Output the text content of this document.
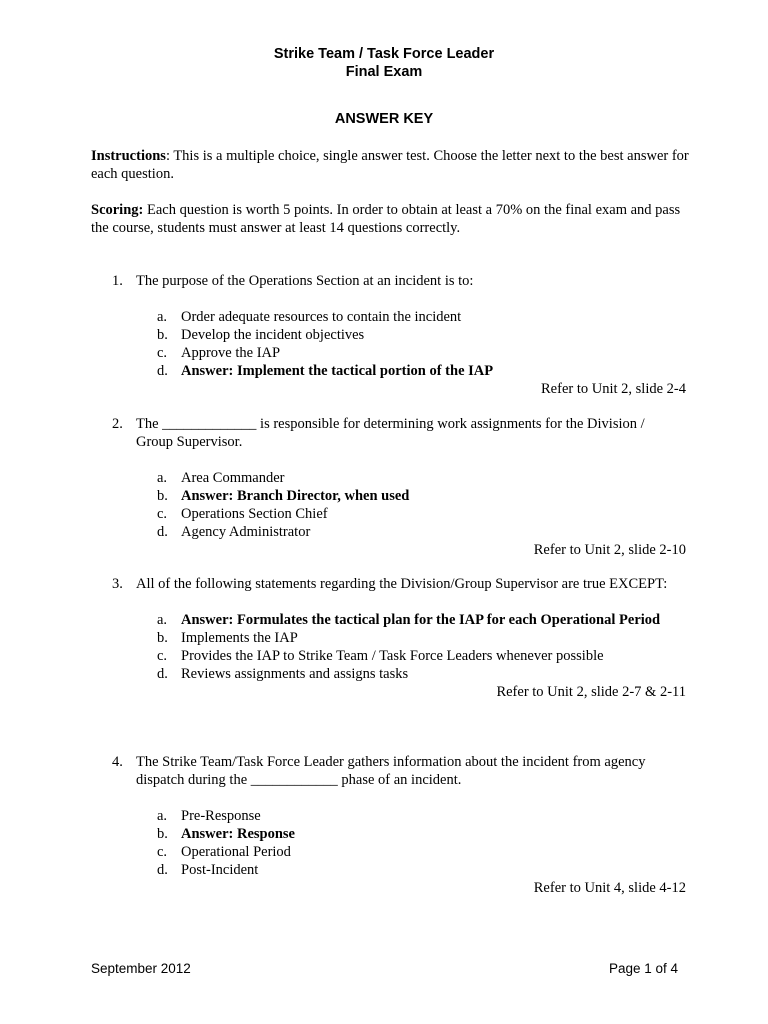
Strike Team / Task Force Leader
Final Exam
ANSWER KEY
Instructions: This is a multiple choice, single answer test. Choose the letter next to the best answer for each question.
Scoring: Each question is worth 5 points. In order to obtain at least a 70% on the final exam and pass the course, students must answer at least 14 questions correctly.
1. The purpose of the Operations Section at an incident is to:
a. Order adequate resources to contain the incident
b. Develop the incident objectives
c. Approve the IAP
d. Answer: Implement the tactical portion of the IAP
Refer to Unit 2, slide 2-4
2. The _____________ is responsible for determining work assignments for the Division / Group Supervisor.
a. Area Commander
b. Answer: Branch Director, when used
c. Operations Section Chief
d. Agency Administrator
Refer to Unit 2, slide 2-10
3. All of the following statements regarding the Division/Group Supervisor are true EXCEPT:
a. Answer: Formulates the tactical plan for the IAP for each Operational Period
b. Implements the IAP
c. Provides the IAP to Strike Team / Task Force Leaders whenever possible
d. Reviews assignments and assigns tasks
Refer to Unit 2, slide 2-7 & 2-11
4. The Strike Team/Task Force Leader gathers information about the incident from agency dispatch during the ____________ phase of an incident.
a. Pre-Response
b. Answer: Response
c. Operational Period
d. Post-Incident
Refer to Unit 4, slide 4-12
September 2012	Page 1 of 4
